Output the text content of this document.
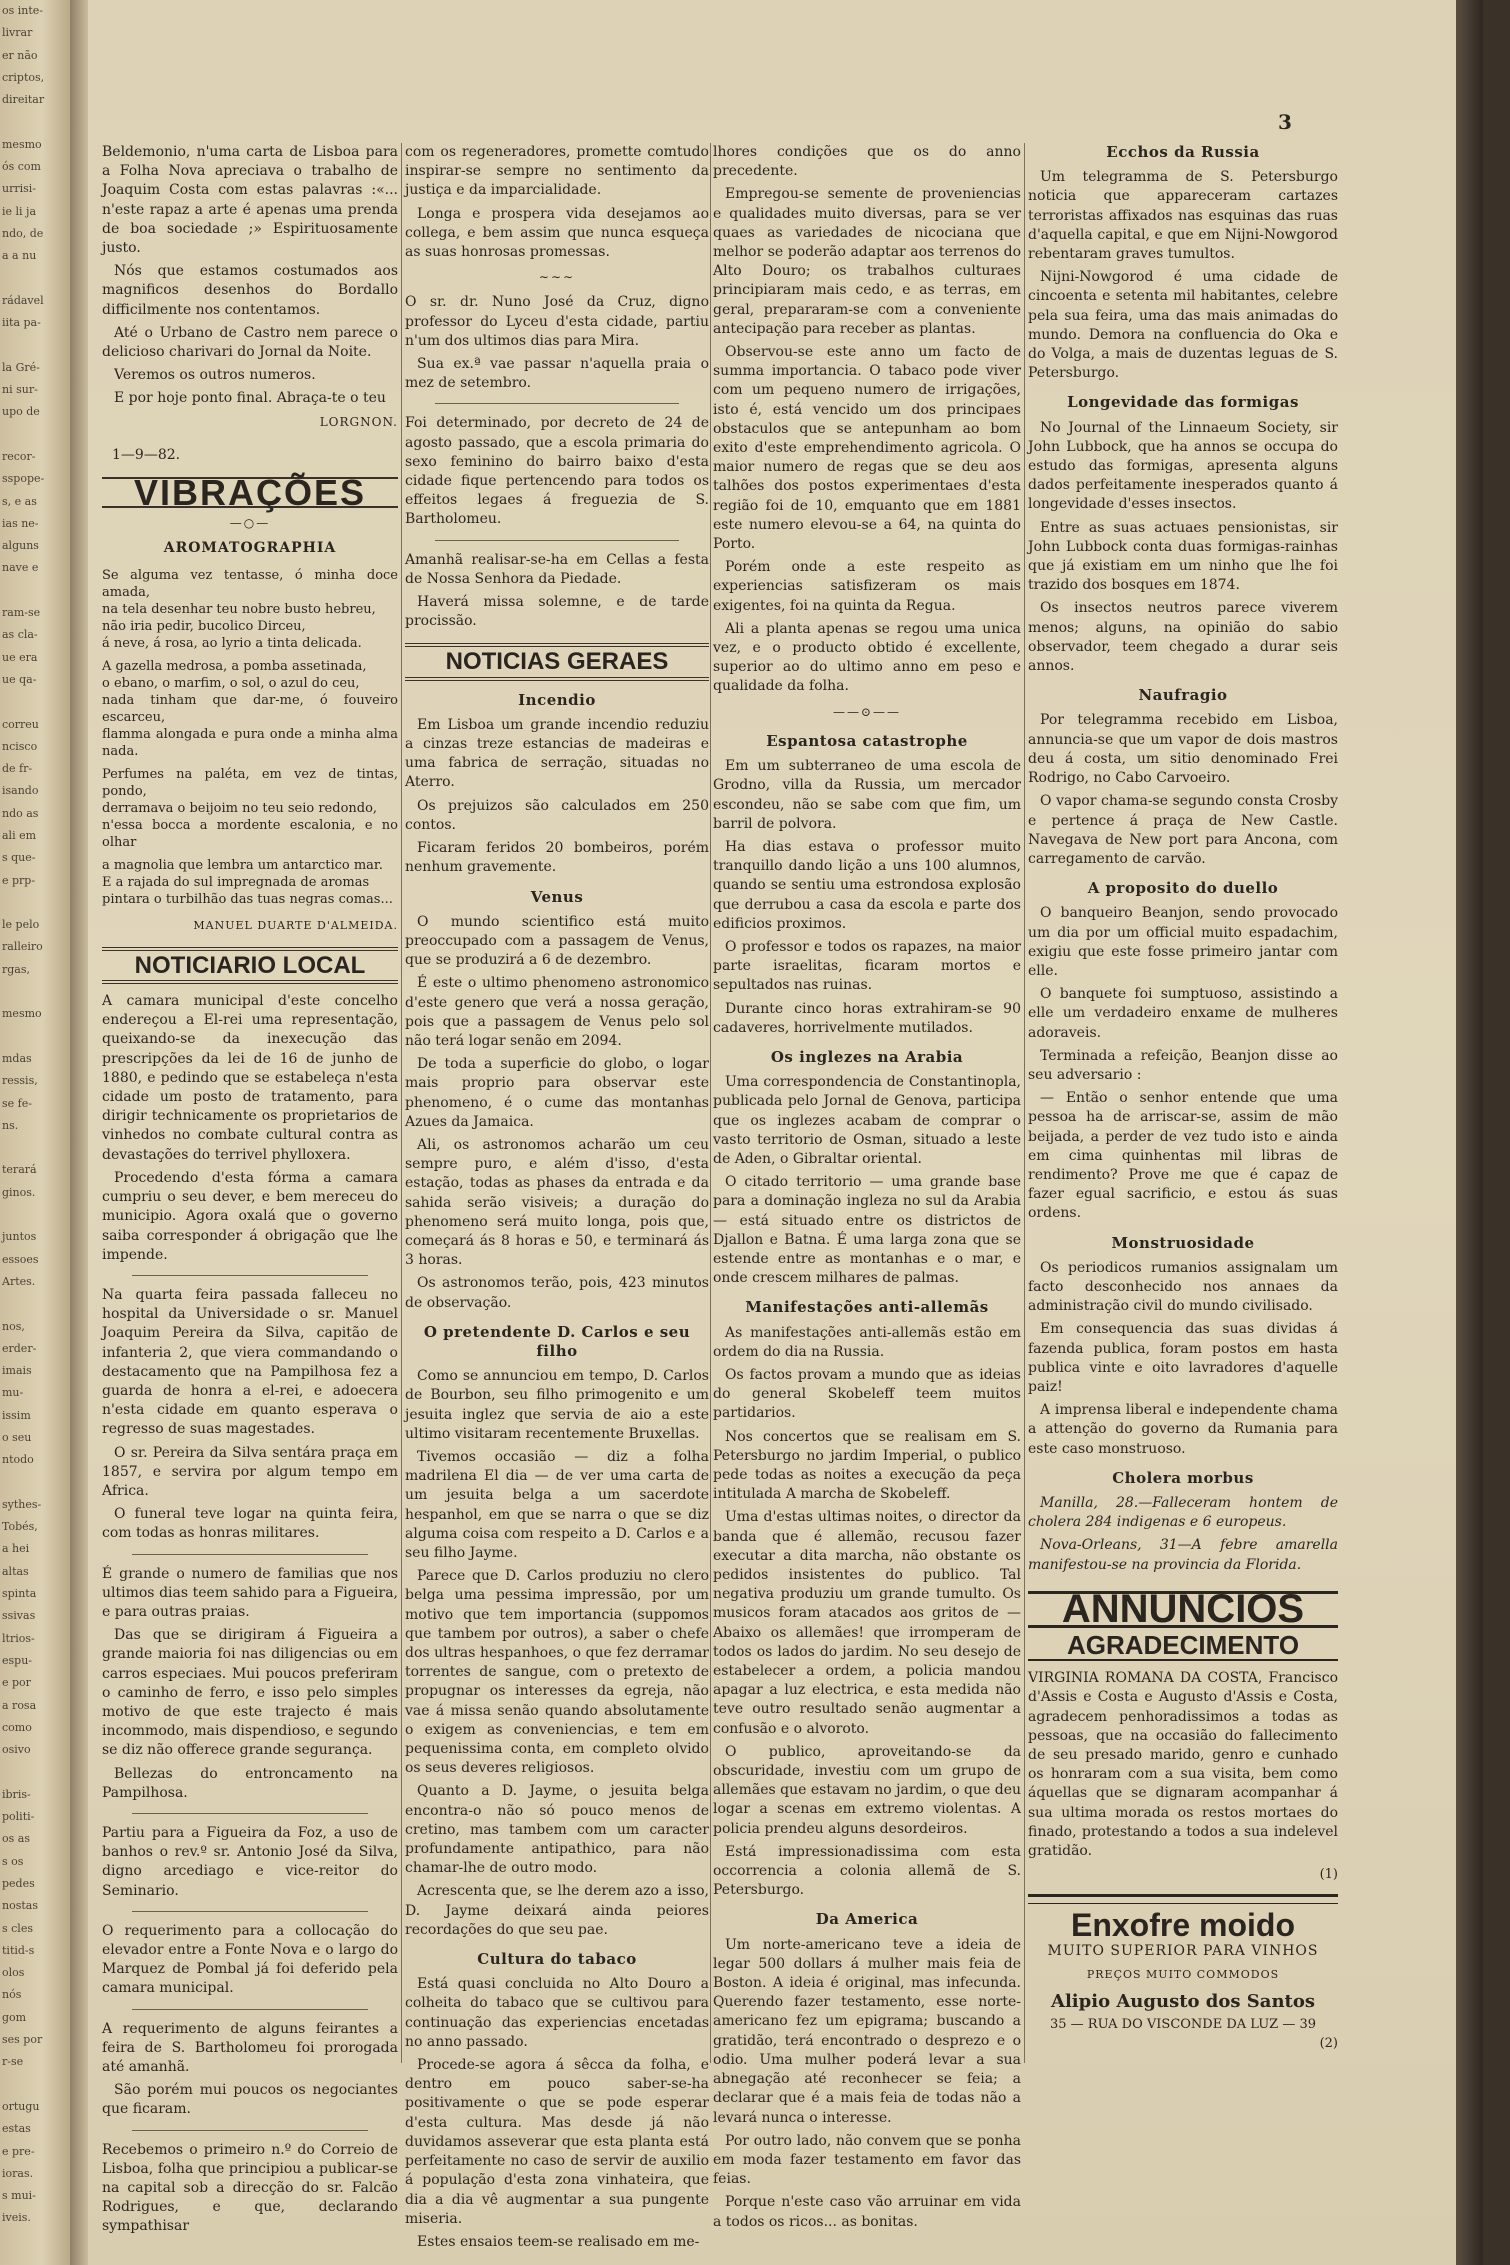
os inte-
livrar
er não
criptos,
direitar

mesmo
ós com
urrisi-
ie li ja
ndo, de
a a nu

rádavel
iita pa-

la Gré-
ni sur-
upo de

recor-
sspope-
s, e as
ias ne-
alguns
nave e

ram-se
as cla-
ue era
ue qa-

correu
ncisco
de fr-
isando
ndo as
ali em
s que-
e prp-

le pelo
ralleiro
rgas,

mesmo

mdas
ressis,
se fe-
ns.

terará
ginos.

juntos
essoes
Artes.

nos,
erder-
imais
mu-
issim
o seu
ntodo

sythes-
Tobés,
a hei
altas
spinta
ssivas
ltrios-
espu-
e por
a rosa
como
osivo

ibris-
politi-
os as
s os
pedes
nostas
s cles
titid-s
olos
nós
gom
ses por
r-se

ortugu
estas
e pre-
ioras.
s mui-
iveis.
3

Beldemonio, n'uma carta de Lisboa para a Folha Nova apreciava o trabalho de Joaquim Costa com estas palavras :«... n'este rapaz a arte é apenas uma prenda de boa sociedade ;» Espirituosamente justo.

Nós que estamos costumados aos magnificos desenhos do Bordallo difficilmente nos contentamos.

Até o Urbano de Castro nem parece o delicioso charivari do Jornal da Noite.

Veremos os outros numeros.

E por hoje ponto final. Abraça-te o teu

LORGNON.
1—9—82.
VIBRAÇÕES
—○—
AROMATOGRAPHIA
Se alguma vez tentasse, ó minha doce amada,
na tela desenhar teu nobre busto hebreu,
não iria pedir, bucolico Dirceu,
á neve, á rosa, ao lyrio a tinta delicada.

A gazella medrosa, a pomba assetinada,
o ebano, o marfim, o sol, o azul do ceu,
nada tinham que dar-me, ó fouveiro escarceu,
flamma alongada e pura onde a minha alma nada.

Perfumes na paléta, em vez de tintas, pondo,
derramava o beijoim no teu seio redondo,
n'essa bocca a mordente escalonia, e no olhar

a magnolia que lembra um antarctico mar.
E a rajada do sul impregnada de aromas
pintara o turbilhão das tuas negras comas...
MANUEL DUARTE D'ALMEIDA.
NOTICIARIO LOCAL

A camara municipal d'este concelho endereçou a El-rei uma representação, queixando-se da inexecução das prescripções da lei de 16 de junho de 1880, e pedindo que se estabeleça n'esta cidade um posto de tratamento, para dirigir technicamente os proprietarios de vinhedos no combate cultural contra as devastações do terrivel phylloxera.

Procedendo d'esta fórma a camara cumpriu o seu dever, e bem mereceu do municipio. Agora oxalá que o governo saiba corresponder á obrigação que lhe impende.

Na quarta feira passada falleceu no hospital da Universidade o sr. Manuel Joaquim Pereira da Silva, capitão de infanteria 2, que viera commandando o destacamento que na Pampilhosa fez a guarda de honra a el-rei, e adoecera n'esta cidade em quanto esperava o regresso de suas magestades.

O sr. Pereira da Silva sentára praça em 1857, e servira por algum tempo em Africa.

O funeral teve logar na quinta feira, com todas as honras militares.

É grande o numero de familias que nos ultimos dias teem sahido para a Figueira, e para outras praias.

Das que se dirigiram á Figueira a grande maioria foi nas diligencias ou em carros especiaes. Mui poucos preferiram o caminho de ferro, e isso pelo simples motivo de que este trajecto é mais incommodo, mais dispendioso, e segundo se diz não offerece grande segurança.

Bellezas do entroncamento na Pampilhosa.

Partiu para a Figueira da Foz, a uso de banhos o rev.º sr. Antonio José da Silva, digno arcediago e vice-reitor do Seminario.

O requerimento para a collocação do elevador entre a Fonte Nova e o largo do Marquez de Pombal já foi deferido pela camara municipal.

A requerimento de alguns feirantes a feira de S. Bartholomeu foi prorogada até amanhã.

São porém mui poucos os negociantes que ficaram.

Recebemos o primeiro n.º do Correio de Lisboa, folha que principiou a publicar-se na capital sob a direcção do sr. Falcão Rodrigues, e que, declarando sympathisar

com os regeneradores, promette comtudo inspirar-se sempre no sentimento da justiça e da imparcialidade.

Longa e prospera vida desejamos ao collega, e bem assim que nunca esqueça as suas honrosas promessas.

∼∼∼

O sr. dr. Nuno José da Cruz, digno professor do Lyceu d'esta cidade, partiu n'um dos ultimos dias para Mira.

Sua ex.ª vae passar n'aquella praia o mez de setembro.

Foi determinado, por decreto de 24 de agosto passado, que a escola primaria do sexo feminino do bairro baixo d'esta cidade fique pertencendo para todos os effeitos legaes á freguezia de S. Bartholomeu.

Amanhã realisar-se-ha em Cellas a festa de Nossa Senhora da Piedade.

Haverá missa solemne, e de tarde procissão.

NOTICIAS GERAES
Incendio

Em Lisboa um grande incendio reduziu a cinzas treze estancias de madeiras e uma fabrica de serração, situadas no Aterro.

Os prejuizos são calculados em 250 contos.

Ficaram feridos 20 bombeiros, porém nenhum gravemente.

Venus

O mundo scientifico está muito preoccupado com a passagem de Venus, que se produzirá a 6 de dezembro.

É este o ultimo phenomeno astronomico d'este genero que verá a nossa geração, pois que a passagem de Venus pelo sol não terá logar senão em 2094.

De toda a superficie do globo, o logar mais proprio para observar este phenomeno, é o cume das montanhas Azues da Jamaica.

Ali, os astronomos acharão um ceu sempre puro, e além d'isso, d'esta estação, todas as phases da entrada e da sahida serão visiveis; a duração do phenomeno será muito longa, pois que, começará ás 8 horas e 50, e terminará ás 3 horas.

Os astronomos terão, pois, 423 minutos de observação.

O pretendente D. Carlos e seu filho

Como se annunciou em tempo, D. Carlos de Bourbon, seu filho primogenito e um jesuita inglez que servia de aio a este ultimo visitaram recentemente Bruxellas.

Tivemos occasião — diz a folha madrilena El dia — de ver uma carta de um jesuita belga a um sacerdote hespanhol, em que se narra o que se diz alguma coisa com respeito a D. Carlos e a seu filho Jayme.

Parece que D. Carlos produziu no clero belga uma pessima impressão, por um motivo que tem importancia (suppomos que tambem por outros), a saber o chefe dos ultras hespanhoes, o que fez derramar torrentes de sangue, com o pretexto de propugnar os interesses da egreja, não vae á missa senão quando absolutamente o exigem as conveniencias, e tem em pequenissima conta, em completo olvido os seus deveres religiosos.

Quanto a D. Jayme, o jesuita belga encontra-o não só pouco menos de cretino, mas tambem com um caracter profundamente antipathico, para não chamar-lhe de outro modo.

Acrescenta que, se lhe derem azo a isso, D. Jayme deixará ainda peiores recordações do que seu pae.

Cultura do tabaco

Está quasi concluida no Alto Douro a colheita do tabaco que se cultivou para continuação das experiencias encetadas no anno passado.

Procede-se agora á sêcca da folha, e dentro em pouco saber-se-ha positivamente o que se pode esperar d'esta cultura. Mas desde já não duvidamos asseverar que esta planta está perfeitamente no caso de servir de auxilio á população d'esta zona vinhateira, que dia a dia vê augmentar a sua pungente miseria.

Estes ensaios teem-se realisado em me-

lhores condições que os do anno precedente.

Empregou-se semente de proveniencias e qualidades muito diversas, para se ver quaes as variedades de nicociana que melhor se poderão adaptar aos terrenos do Alto Douro; os trabalhos culturaes principiaram mais cedo, e as terras, em geral, prepararam-se com a conveniente antecipação para receber as plantas.

Observou-se este anno um facto de summa importancia. O tabaco pode viver com um pequeno numero de irrigações, isto é, está vencido um dos principaes obstaculos que se antepunham ao bom exito d'este emprehendimento agricola. O maior numero de regas que se deu aos talhões dos postos experimentaes d'esta região foi de 10, emquanto que em 1881 este numero elevou-se a 64, na quinta do Porto.

Porém onde a este respeito as experiencias satisfizeram os mais exigentes, foi na quinta da Regua.

Ali a planta apenas se regou uma unica vez, e o producto obtido é excellente, superior ao do ultimo anno em peso e qualidade da folha.

——⊙——
Espantosa catastrophe

Em um subterraneo de uma escola de Grodno, villa da Russia, um mercador escondeu, não se sabe com que fim, um barril de polvora.

Ha dias estava o professor muito tranquillo dando lição a uns 100 alumnos, quando se sentiu uma estrondosa explosão que derrubou a casa da escola e parte dos edificios proximos.

O professor e todos os rapazes, na maior parte israelitas, ficaram mortos e sepultados nas ruinas.

Durante cinco horas extrahiram-se 90 cadaveres, horrivelmente mutilados.

Os inglezes na Arabia

Uma correspondencia de Constantinopla, publicada pelo Jornal de Genova, participa que os inglezes acabam de comprar o vasto territorio de Osman, situado a leste de Aden, o Gibraltar oriental.

O citado territorio — uma grande base para a dominação ingleza no sul da Arabia — está situado entre os districtos de Djallon e Batna. É uma larga zona que se estende entre as montanhas e o mar, e onde crescem milhares de palmas.

Manifestações anti-allemãs

As manifestações anti-allemãs estão em ordem do dia na Russia.

Os factos provam a mundo que as ideias do general Skobeleff teem muitos partidarios.

Nos concertos que se realisam em S. Petersburgo no jardim Imperial, o publico pede todas as noites a execução da peça intitulada A marcha de Skobeleff.

Uma d'estas ultimas noites, o director da banda que é allemão, recusou fazer executar a dita marcha, não obstante os pedidos insistentes do publico. Tal negativa produziu um grande tumulto. Os musicos foram atacados aos gritos de — Abaixo os allemães! que irromperam de todos os lados do jardim. No seu desejo de estabelecer a ordem, a policia mandou apagar a luz electrica, e esta medida não teve outro resultado senão augmentar a confusão e o alvoroto.

O publico, aproveitando-se da obscuridade, investiu com um grupo de allemães que estavam no jardim, o que deu logar a scenas em extremo violentas. A policia prendeu alguns desordeiros.

Está impressionadissima com esta occorrencia a colonia allemã de S. Petersburgo.

Da America

Um norte-americano teve a ideia de legar 500 dollars á mulher mais feia de Boston. A ideia é original, mas infecunda. Querendo fazer testamento, esse norte-americano fez um epigrama; buscando a gratidão, terá encontrado o desprezo e o odio. Uma mulher poderá levar a sua abnegação até reconhecer se feia; a declarar que é a mais feia de todas não a levará nunca o interesse.

Por outro lado, não convem que se ponha em moda fazer testamento em favor das feias.

Porque n'este caso vão arruinar em vida a todos os ricos... as bonitas.

Ecchos da Russia

Um telegramma de S. Petersburgo noticia que appareceram cartazes terroristas affixados nas esquinas das ruas d'aquella capital, e que em Nijni-Nowgorod rebentaram graves tumultos.

Nijni-Nowgorod é uma cidade de cincoenta e setenta mil habitantes, celebre pela sua feira, uma das mais animadas do mundo. Demora na confluencia do Oka e do Volga, a mais de duzentas leguas de S. Petersburgo.

Longevidade das formigas

No Journal of the Linnaeum Society, sir John Lubbock, que ha annos se occupa do estudo das formigas, apresenta alguns dados perfeitamente inesperados quanto á longevidade d'esses insectos.

Entre as suas actuaes pensionistas, sir John Lubbock conta duas formigas-rainhas que já existiam em um ninho que lhe foi trazido dos bosques em 1874.

Os insectos neutros parece viverem menos; alguns, na opinião do sabio observador, teem chegado a durar seis annos.

Naufragio

Por telegramma recebido em Lisboa, annuncia-se que um vapor de dois mastros deu á costa, um sitio denominado Frei Rodrigo, no Cabo Carvoeiro.

O vapor chama-se segundo consta Crosby e pertence á praça de New Castle. Navegava de New port para Ancona, com carregamento de carvão.

A proposito do duello

O banqueiro Beanjon, sendo provocado um dia por um official muito espadachim, exigiu que este fosse primeiro jantar com elle.

O banquete foi sumptuoso, assistindo a elle um verdadeiro enxame de mulheres adoraveis.

Terminada a refeição, Beanjon disse ao seu adversario :

— Então o senhor entende que uma pessoa ha de arriscar-se, assim de mão beijada, a perder de vez tudo isto e ainda em cima quinhentas mil libras de rendimento? Prove me que é capaz de fazer egual sacrificio, e estou ás suas ordens.

Monstruosidade

Os periodicos rumanios assignalam um facto desconhecido nos annaes da administração civil do mundo civilisado.

Em consequencia das suas dividas á fazenda publica, foram postos em hasta publica vinte e oito lavradores d'aquelle paiz!

A imprensa liberal e independente chama a attenção do governo da Rumania para este caso monstruoso.

Cholera morbus

Manilla, 28.—Falleceram hontem de cholera 284 indigenas e 6 europeus.

Nova-Orleans, 31—A febre amarella manifestou-se na provincia da Florida.

ANNUNCIOS
AGRADECIMENTO

VIRGINIA ROMANA DA COSTA, Francisco d'Assis e Costa e Augusto d'Assis e Costa, agradecem penhoradissimos a todas as pessoas, que na occasião do fallecimento de seu presado marido, genro e cunhado os honraram com a sua visita, bem como áquellas que se dignaram acompanhar á sua ultima morada os restos mortaes do finado, protestando a todos a sua indelevel gratidão.

(1)
Enxofre moido
MUITO SUPERIOR PARA VINHOS
PREÇOS MUITO COMMODOS
Alipio Augusto dos Santos
35 — RUA DO VISCONDE DA LUZ — 39
(2)
